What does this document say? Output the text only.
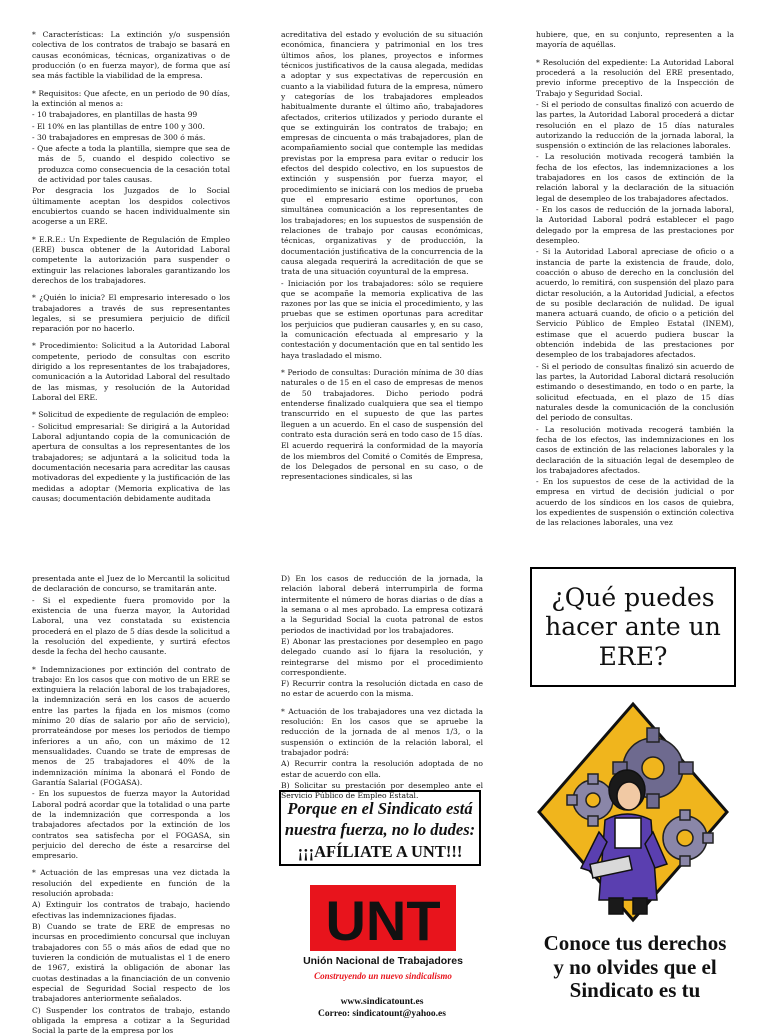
* Características: La extinción y/o suspensión colectiva de los contratos de trabajo se basará en causas económicas, técnicas, organizativas o de producción (o en fuerza mayor), de forma que así sea más factible la viabilidad de la empresa.

* Requisitos: Que afecte, en un periodo de 90 días, la extinción al menos a:

- 10 trabajadores, en plantillas de hasta 99

- El 10% en las plantillas de entre 100 y 300.

- 30 trabajadores en empresas de 300 ó más.

- Que afecte a toda la plantilla, siempre que sea de más de 5, cuando el despido colectivo se produzca como consecuencia de la cesación total de actividad por tales causas.

Por desgracia los Juzgados de lo Social últimamente aceptan los despidos colectivos encubiertos cuando se hacen individualmente sin acogerse a un ERE.

* E.R.E.: Un Expediente de Regulación de Empleo (ERE) busca obtener de la Autoridad Laboral competente la autorización para suspender o extinguir las relaciones laborales garantizando los derechos de los trabajadores.

* ¿Quién lo inicia? El empresario interesado o los trabajadores a través de sus representantes legales, si se presumiera perjuicio de difícil reparación por no hacerlo.

* Procedimiento: Solicitud a la Autoridad Laboral competente, periodo de consultas con escrito dirigido a los representantes de los trabajadores, comunicación a la Autoridad Laboral del resultado de las mismas, y resolución de la Autoridad Laboral del ERE.

* Solicitud de expediente de regulación de empleo:

- Solicitud empresarial: Se dirigirá a la Autoridad Laboral adjuntando copia de la comunicación de apertura de consultas a los representantes de los trabajadores; se adjuntará a la solicitud toda la documentación necesaria para acreditar las causas motivadoras del expediente y la justificación de las medidas a adoptar (Memoria explicativa de las causas; documentación debidamente auditada

acreditativa del estado y evolución de su situación económica, financiera y patrimonial en los tres últimos años, los planes, proyectos e informes técnicos justificativos de la causa alegada, medidas a adoptar y sus expectativas de repercusión en cuanto a la viabilidad futura de la empresa, número y categorías de los trabajadores empleados habitualmente durante el último año, trabajadores afectados, criterios utilizados y periodo durante el que se extinguirán los contratos de trabajo; en empresas de cincuenta o más trabajadores, plan de acompañamiento social que contemple las medidas previstas por la empresa para evitar o reducir los efectos del despido colectivo, en los supuestos de extinción y suspensión por fuerza mayor, el procedimiento se iniciará con los medios de prueba que el empresario estime oportunos, con simultánea comunicación a los representantes de los trabajadores; en los supuestos de suspensión de relaciones de trabajo por causas económicas, técnicas, organizativas y de producción, la documentación justificativa de la concurrencia de la causa alegada requerirá la acreditación de que se trata de una situación coyuntural de la empresa.

- Iniciación por los trabajadores: sólo se requiere que se acompañe la memoria explicativa de las razones por las que se inicia el procedimiento, y las pruebas que se estimen oportunas para acreditar los perjuicios que pudieran causarles y, en su caso, la comunicación efectuada al empresario y la contestación y documentación que en tal sentido les haya trasladado el mismo.

* Periodo de consultas: Duración mínima de 30 días naturales o de 15 en el caso de empresas de menos de 50 trabajadores. Dicho periodo podrá entenderse finalizado cualquiera que sea el tiempo transcurrido en el supuesto de que las partes lleguen a un acuerdo. En el caso de suspensión del contrato esta duración será en todo caso de 15 días.

El acuerdo requerirá la conformidad de la mayoría de los miembros del Comité o Comités de Empresa, de los Delegados de personal en su caso, o de representaciones sindicales, si las

hubiere, que, en su conjunto, representen a la mayoría de aquéllas.

* Resolución del expediente: La Autoridad Laboral procederá a la resolución del ERE presentado, previo informe preceptivo de la Inspección de Trabajo y Seguridad Social.

- Si el periodo de consultas finalizó con acuerdo de las partes, la Autoridad Laboral procederá a dictar resolución en el plazo de 15 días naturales autorizando la reducción de la jornada laboral, la suspensión o extinción de las relaciones laborales.

- La resolución motivada recogerá también la fecha de los efectos, las indemnizaciones a los trabajadores en los casos de extinción de la relación laboral y la declaración de la situación legal de desempleo de los trabajadores afectados.

- En los casos de reducción de la jornada laboral, la Autoridad Laboral podrá establecer el pago delegado por la empresa de las prestaciones por desempleo.

- Si la Autoridad Laboral apreciase de oficio o a instancia de parte la existencia de fraude, dolo, coacción o abuso de derecho en la conclusión del acuerdo, lo remitirá, con suspensión del plazo para dictar resolución, a la Autoridad Judicial, a efectos de su posible declaración de nulidad. De igual manera actuará cuando, de oficio o a petición del Servicio Público de Empleo Estatal (INEM), estimase que el acuerdo pudiera buscar la obtención indebida de las prestaciones por desempleo de los trabajadores afectados.

- Si el periodo de consultas finalizó sin acuerdo de las partes, la Autoridad Laboral dictará resolución estimando o desestimando, en todo o en parte, la solicitud efectuada, en el plazo de 15 días naturales desde la comunicación de la conclusión del periodo de consultas.

- La resolución motivada recogerá también la fecha de los efectos, las indemnizaciones en los casos de extinción de las relaciones laborales y la declaración de la situación legal de desempleo de los trabajadores afectados.

- En los supuestos de cese de la actividad de la empresa en virtud de decisión judicial o por acuerdo de los síndicos en los casos de quiebra, los expedientes de suspensión o extinción colectiva de las relaciones laborales, una vez

presentada ante el Juez de lo Mercantil la solicitud de declaración de concurso, se tramitarán ante.

- Si el expediente fuera promovido por la existencia de una fuerza mayor, la Autoridad Laboral, una vez constatada su existencia procederá en el plazo de 5 días desde la solicitud a la resolución del expediente, y surtirá efectos desde la fecha del hecho causante.

* Indemnizaciones por extinción del contrato de trabajo: En los casos que con motivo de un ERE se extinguiera la relación laboral de los trabajadores, la indemnización será en los casos de acuerdo entre las partes la fijada en los mismos (como mínimo 20 días de salario por año de servicio), prorrateándose por meses los periodos de tiempo inferiores a un año, con un máximo de 12 mensualidades. Cuando se trate de empresas de menos de 25 trabajadores el 40% de la indemnización mínima la abonará el Fondo de Garantía Salarial (FOGASA).

- En los supuestos de fuerza mayor la Autoridad Laboral podrá acordar que la totalidad o una parte de la indemnización que corresponda a los trabajadores afectados por la extinción de los contratos sea satisfecha por el FOGASA, sin perjuicio del derecho de éste a resarcirse del empresario.

* Actuación de las empresas una vez dictada la resolución del expediente en función de la resolución aprobada:

A) Extinguir los contratos de trabajo, haciendo efectivas las indemnizaciones fijadas.

B) Cuando se trate de ERE de empresas no incursas en procedimiento concursal que incluyan trabajadores con 55 o más años de edad que no tuvieren la condición de mutualistas el 1 de enero de 1967, existirá la obligación de abonar las cuotas destinadas a la financiación de un convenio especial de Seguridad Social respecto de los trabajadores anteriormente señalados.

C) Suspender los contratos de trabajo, estando obligada la empresa a cotizar a la Seguridad Social la parte de la empresa por los

D) En los casos de reducción de la jornada, la relación laboral deberá interrumpirla de forma intermitente el número de horas diarias o de días a la semana o al mes aprobado. La empresa cotizará a la Seguridad Social la cuota patronal de estos periodos de inactividad por los trabajadores.

E) Abonar las prestaciones por desempleo en pago delegado cuando así lo fijara la resolución, y reintegrarse del mismo por el procedimiento correspondiente.

F) Recurrir contra la resolución dictada en caso de no estar de acuerdo con la misma.

* Actuación de los trabajadores una vez dictada la resolución: En los casos que se apruebe la reducción de la jornada de al menos 1/3, o la suspensión o extinción de la relación laboral, el trabajador podrá:

A) Recurrir contra la resolución adoptada de no estar de acuerdo con ella.

B) Solicitar su prestación por desempleo ante el Servicio Público de Empleo Estatal.

¿Qué puedes hacer ante un ERE?
Porque en el Sindicato está
nuestra fuerza, no lo dudes:
¡¡¡AFÍLIATE A UNT!!!
UNT
Unión Nacional de Trabajadores
Construyendo un nuevo sindicalismo
www.sindicatount.es
Correo: sindicatount@yahoo.es
Conoce tus derechos y no olvides que el Sindicato es tu
